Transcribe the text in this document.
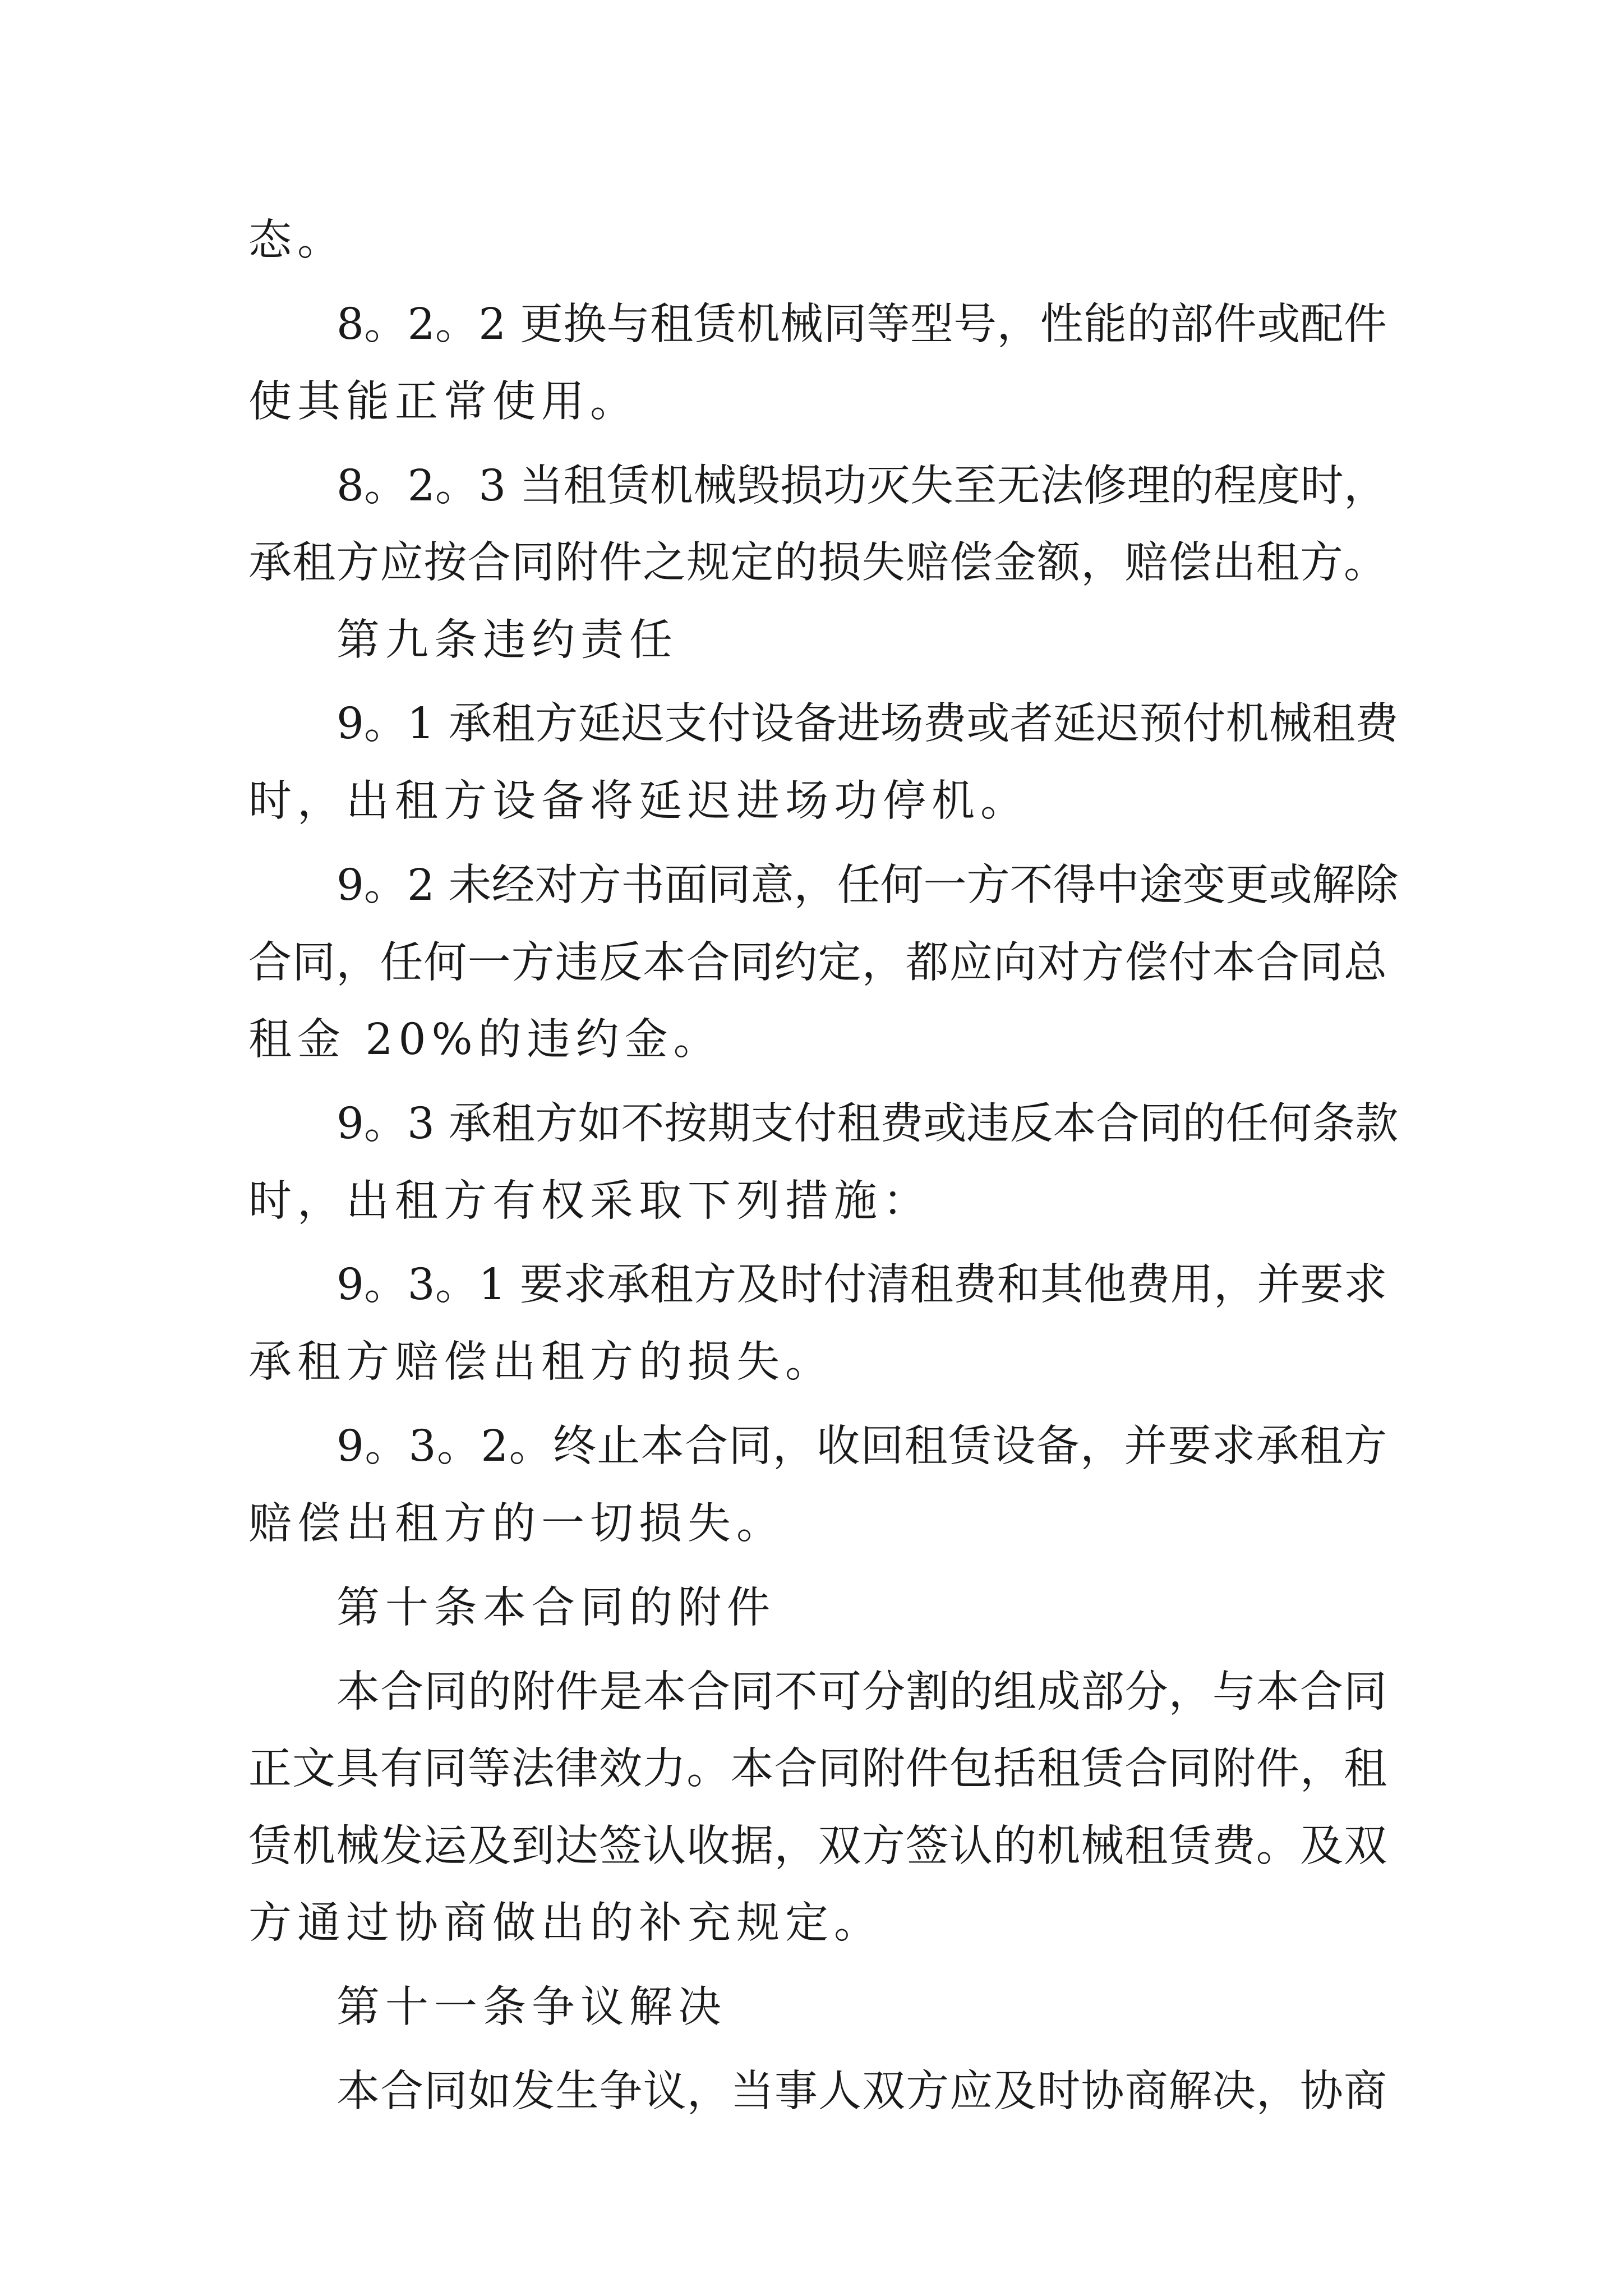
态。
8。2。2 更换与租赁机械同等型号，性能的部件或配件
使其能正常使用。
8。2。3 当租赁机械毁损功灭失至无法修理的程度时，
承租方应按合同附件之规定的损失赔偿金额，赔偿出租方。
第九条违约责任
9。1 承租方延迟支付设备进场费或者延迟预付机械租费
时，出租方设备将延迟进场功停机。
9。2 未经对方书面同意，任何一方不得中途变更或解除
合同，任何一方违反本合同约定，都应向对方偿付本合同总
租金 20%的违约金。
9。3 承租方如不按期支付租费或违反本合同的任何条款
时，出租方有权采取下列措施：
9。3。1 要求承租方及时付清租费和其他费用，并要求
承租方赔偿出租方的损失。
9。3。2。终止本合同，收回租赁设备，并要求承租方
赔偿出租方的一切损失。
第十条本合同的附件
本合同的附件是本合同不可分割的组成部分，与本合同
正文具有同等法律效力。本合同附件包括租赁合同附件，租
赁机械发运及到达签认收据，双方签认的机械租赁费。及双
方通过协商做出的补充规定。
第十一条争议解决
本合同如发生争议，当事人双方应及时协商解决，协商
